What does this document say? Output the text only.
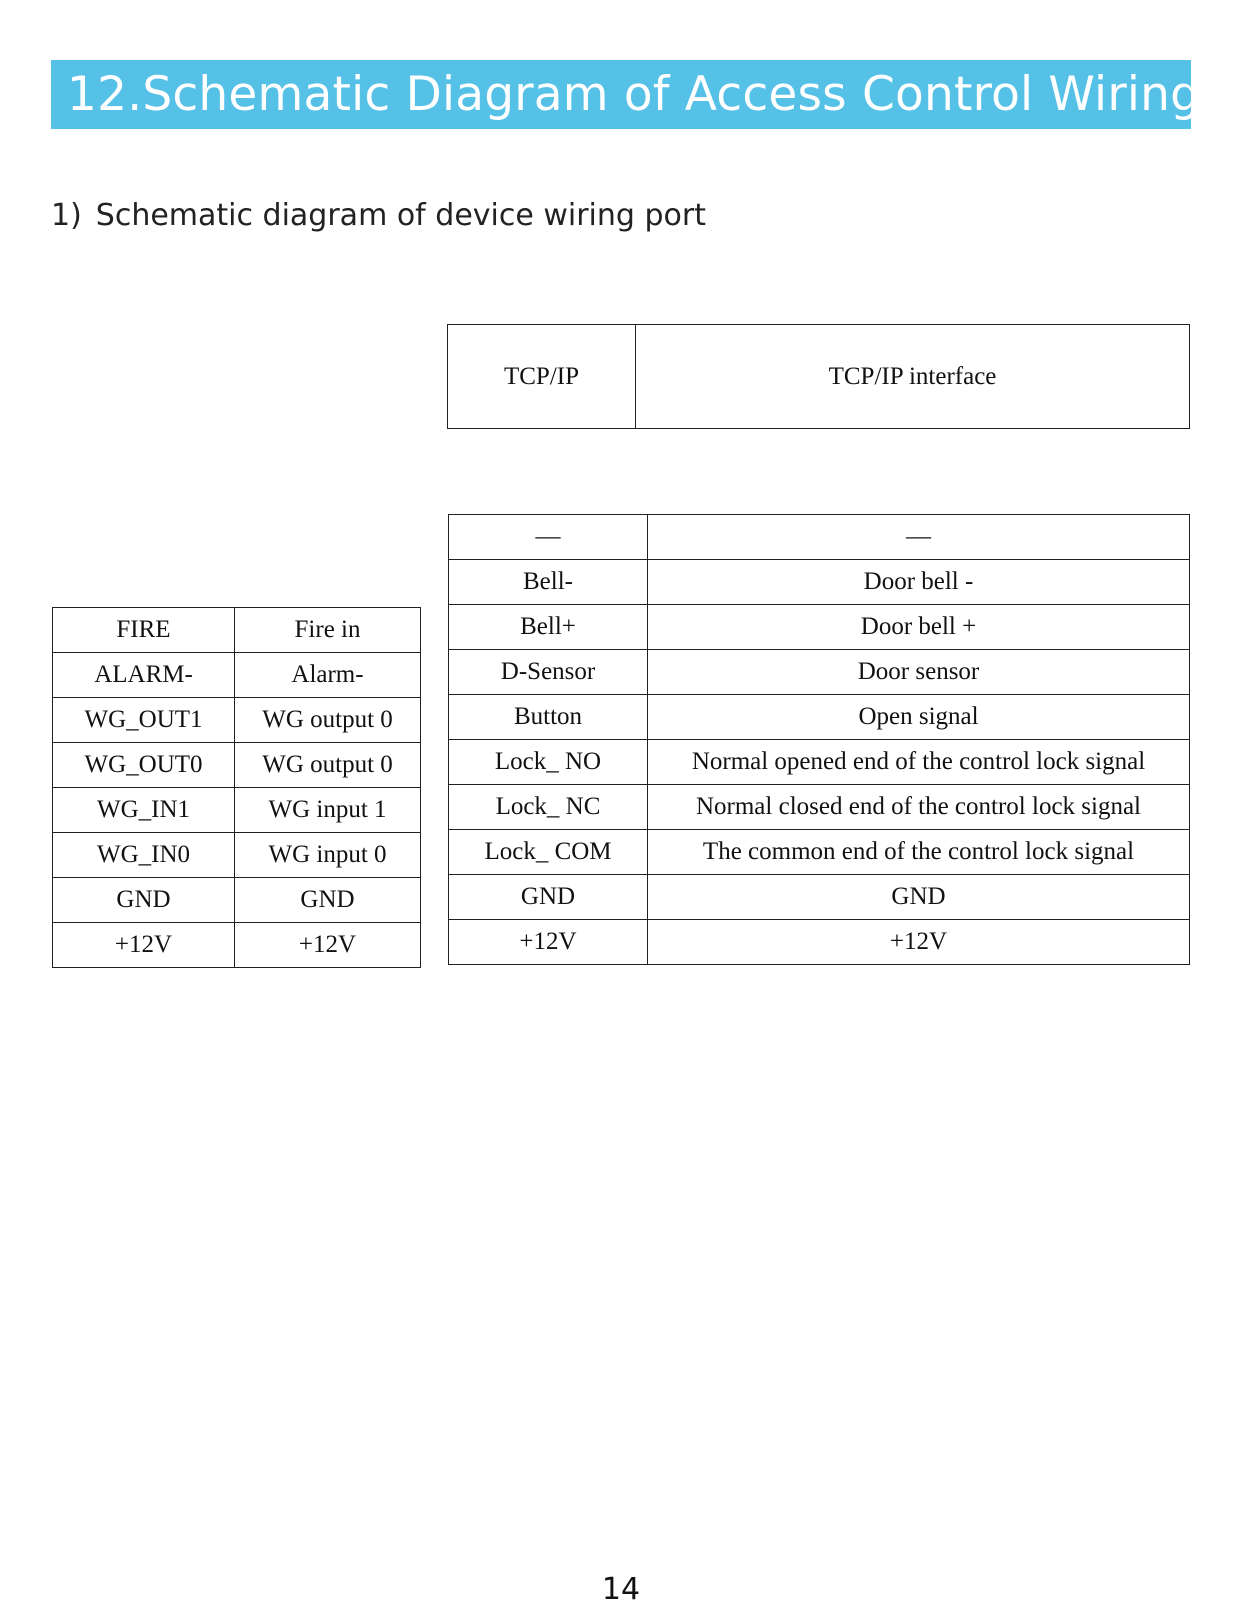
12.Schematic Diagram of Access Control Wiring
1) Schematic diagram of device wiring port
TCP/IP	TCP/IP interface
FIRE	Fire in
ALARM-	Alarm-
WG_OUT1	WG output 0
WG_OUT0	WG output 0
WG_IN1	WG input 1
WG_IN0	WG input 0
GND	GND
+12V	+12V
—	—
Bell-	Door bell -
Bell+	Door bell +
D-Sensor	Door sensor
Button	Open signal
Lock_ NO	Normal opened end of the control lock signal
Lock_ NC	Normal closed end of the control lock signal
Lock_ COM	The common end of the control lock signal
GND	GND
+12V	+12V
14
